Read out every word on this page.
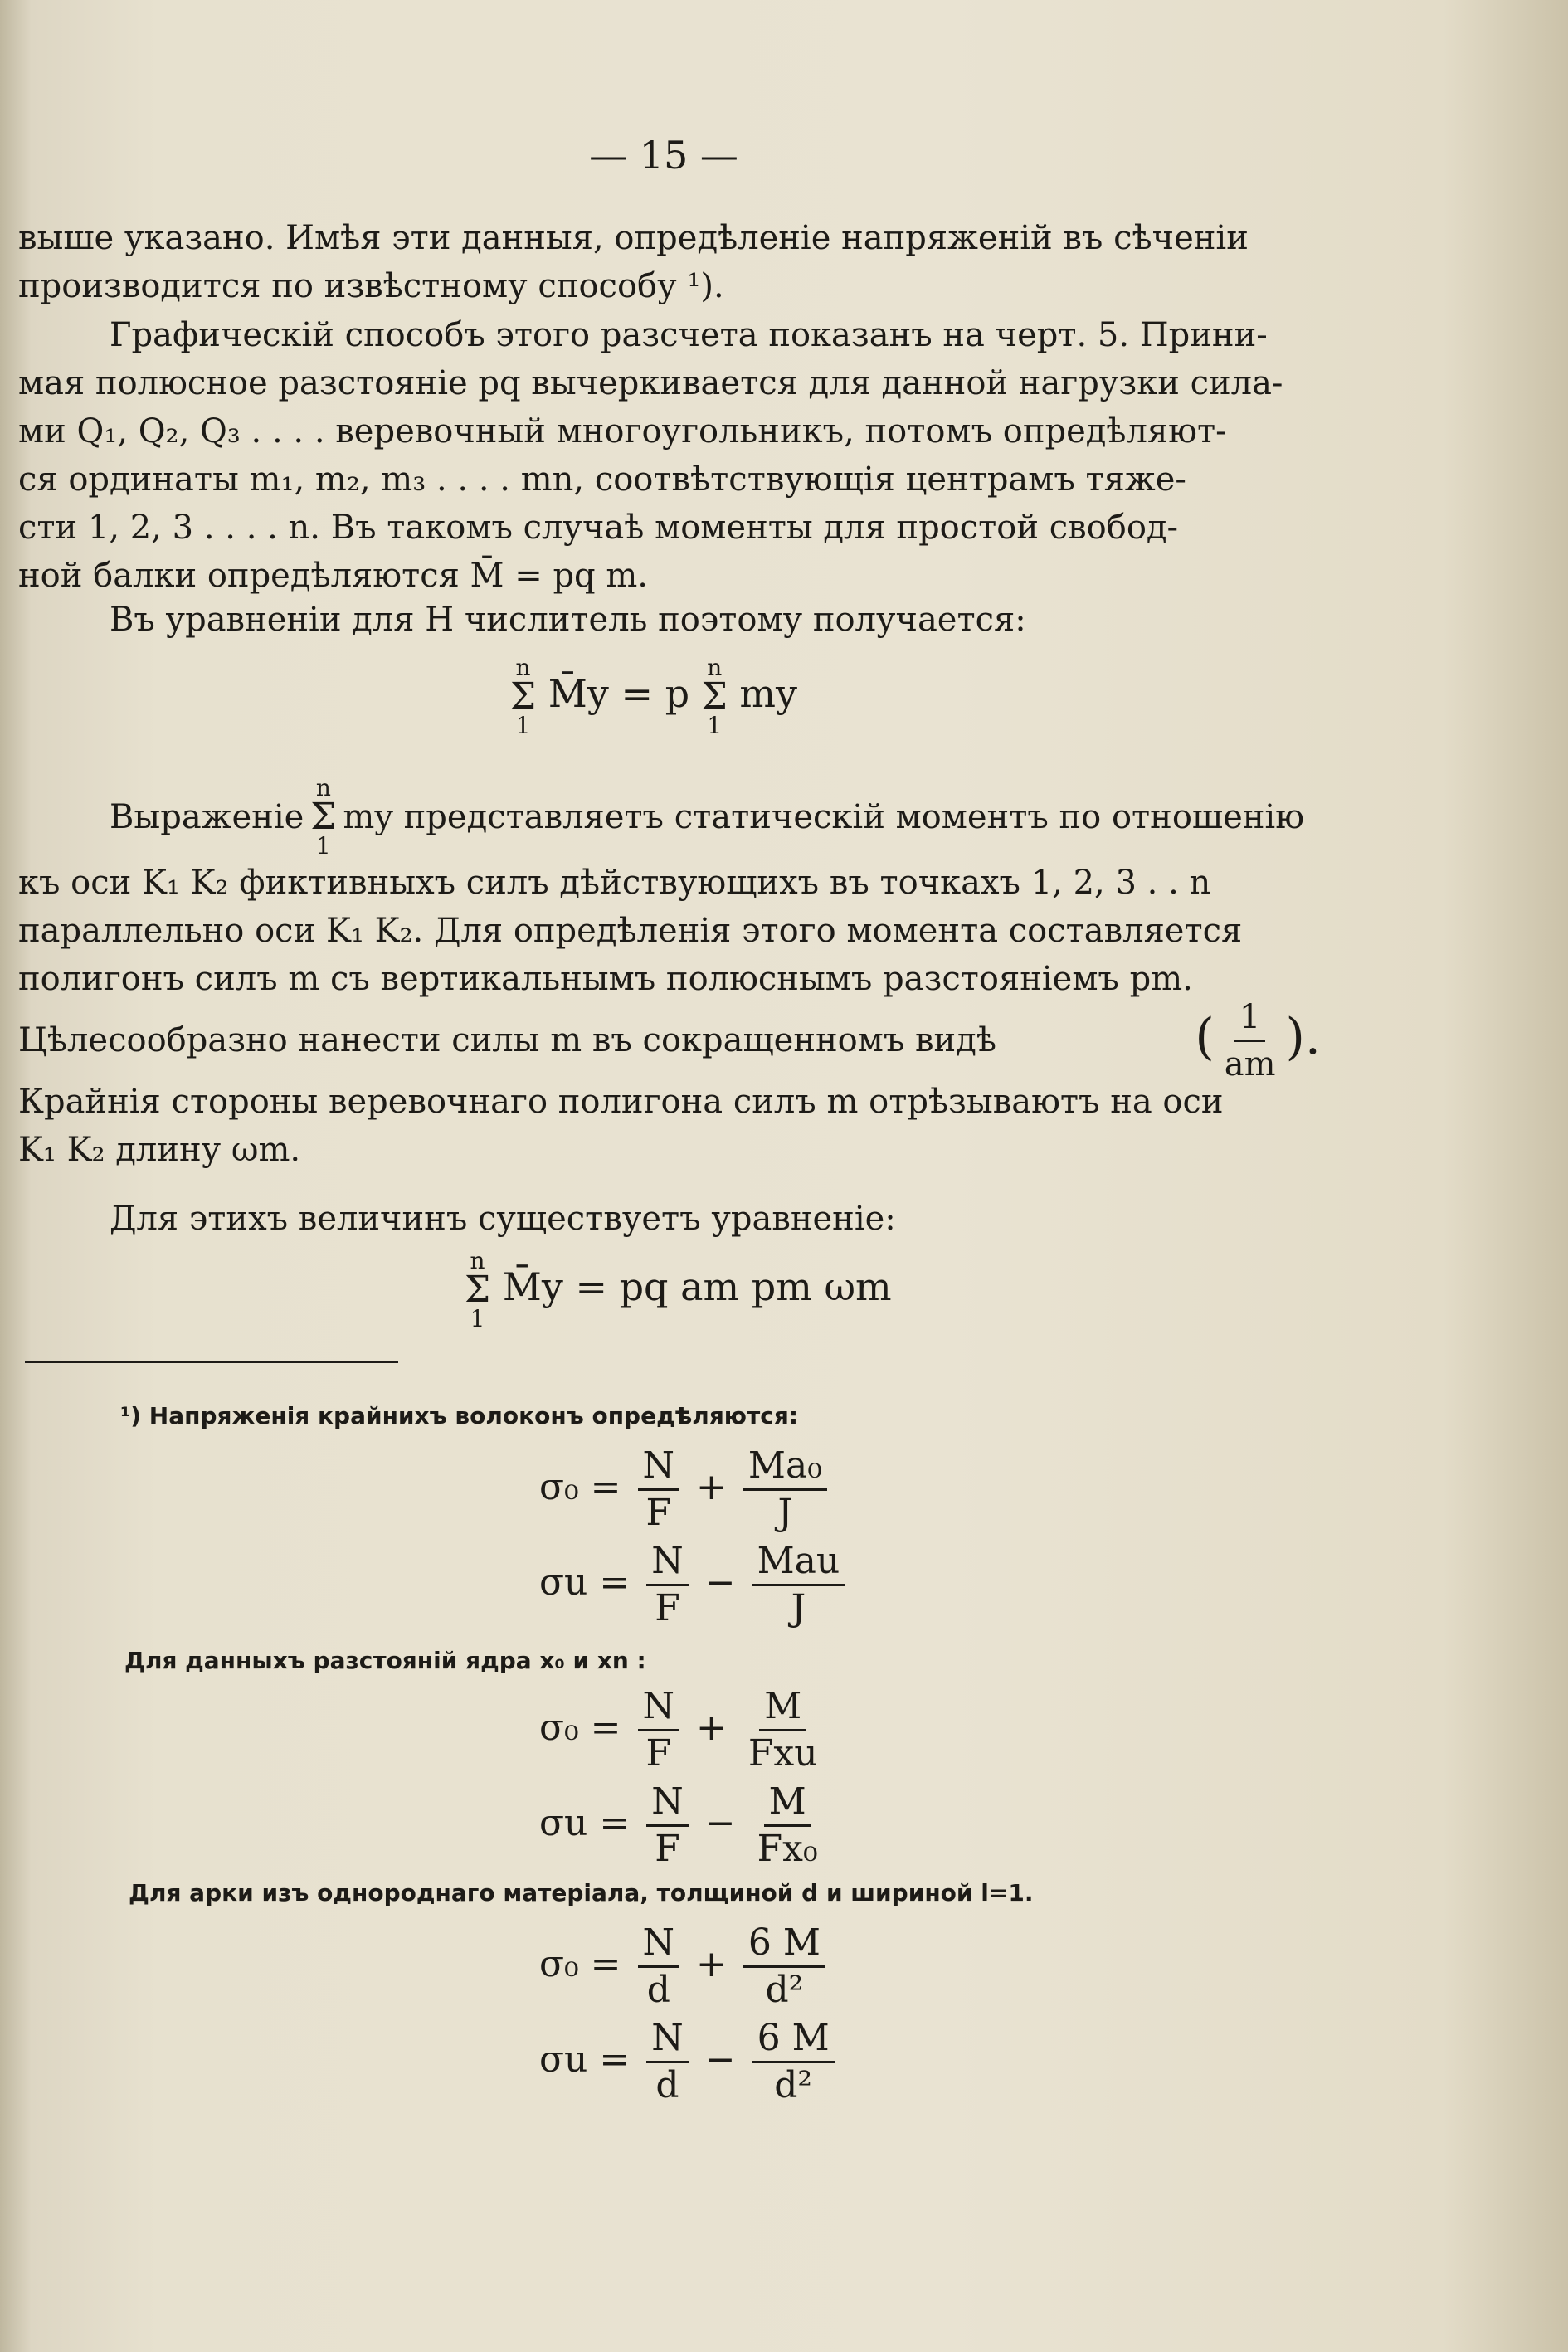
— 15 —

выше указано. Имѣя эти данныя, опредѣленіе напряженій въ сѣченіи

производится по извѣстному способу ¹).

Графическій способъ этого разсчета показанъ на черт. 5. Прини-

мая полюсное разстояніе pq вычеркивается для данной нагрузки сила-

ми Q₁, Q₂, Q₃ . . . . веревочный многоугольникъ, потомъ опредѣляют-

ся ординаты m₁, m₂, m₃ . . . . mn, соотвѣтствующія центрамъ тяже-

сти 1, 2, 3 . . . . n. Въ такомъ случаѣ моменты для простой свобод-

ной балки опредѣляются M̄ = pq m.

Въ уравненіи для H числитель поэтому получается:

n
Σ
1
M̄y = p
n
Σ
1
my

Выраженіе
n
Σ
1
my представляетъ статическій моментъ по отношенію

къ оси K₁ K₂ фиктивныхъ силъ дѣйствующихъ въ точкахъ 1, 2, 3 . . n

параллельно оси K₁ K₂. Для опредѣленія этого момента составляется

полигонъ силъ m съ вертикальнымъ полюснымъ разстояніемъ pm.

Цѣлесообразно нанести силы m въ сокращенномъ видѣ	( $\frac{1}{am}$ ).

Крайнія стороны веревочнаго полигона силъ m отрѣзываютъ на оси

K₁ K₂ длину ωm.

Для этихъ величинъ существуетъ уравненіе:

n
Σ
1
M̄y = pq am pm ωm
¹) Напряженія крайнихъ волоконъ опредѣляются:
$\sigma_0 = \frac{N}{F} + \frac{\text{Ma₀}}{J}$
$\sigma u = \frac{N}{F} - \frac{\text{Mau}}{J}$
Для данныхъ разстояній ядра x₀ и xn :
$\sigma_0 = \frac{N}{F} + \frac{M}{\text{Fxu}}$
$\sigma u = \frac{N}{F} - \frac{M}{\text{Fx₀}}$
Для арки изъ однороднаго матеріала, толщиной d и шириной l=1.
$\sigma_0 = \frac{N}{d} + \frac{6 M}{\text{d²}}$
$\sigma u = \frac{N}{d} - \frac{6 M}{\text{d²}}$
